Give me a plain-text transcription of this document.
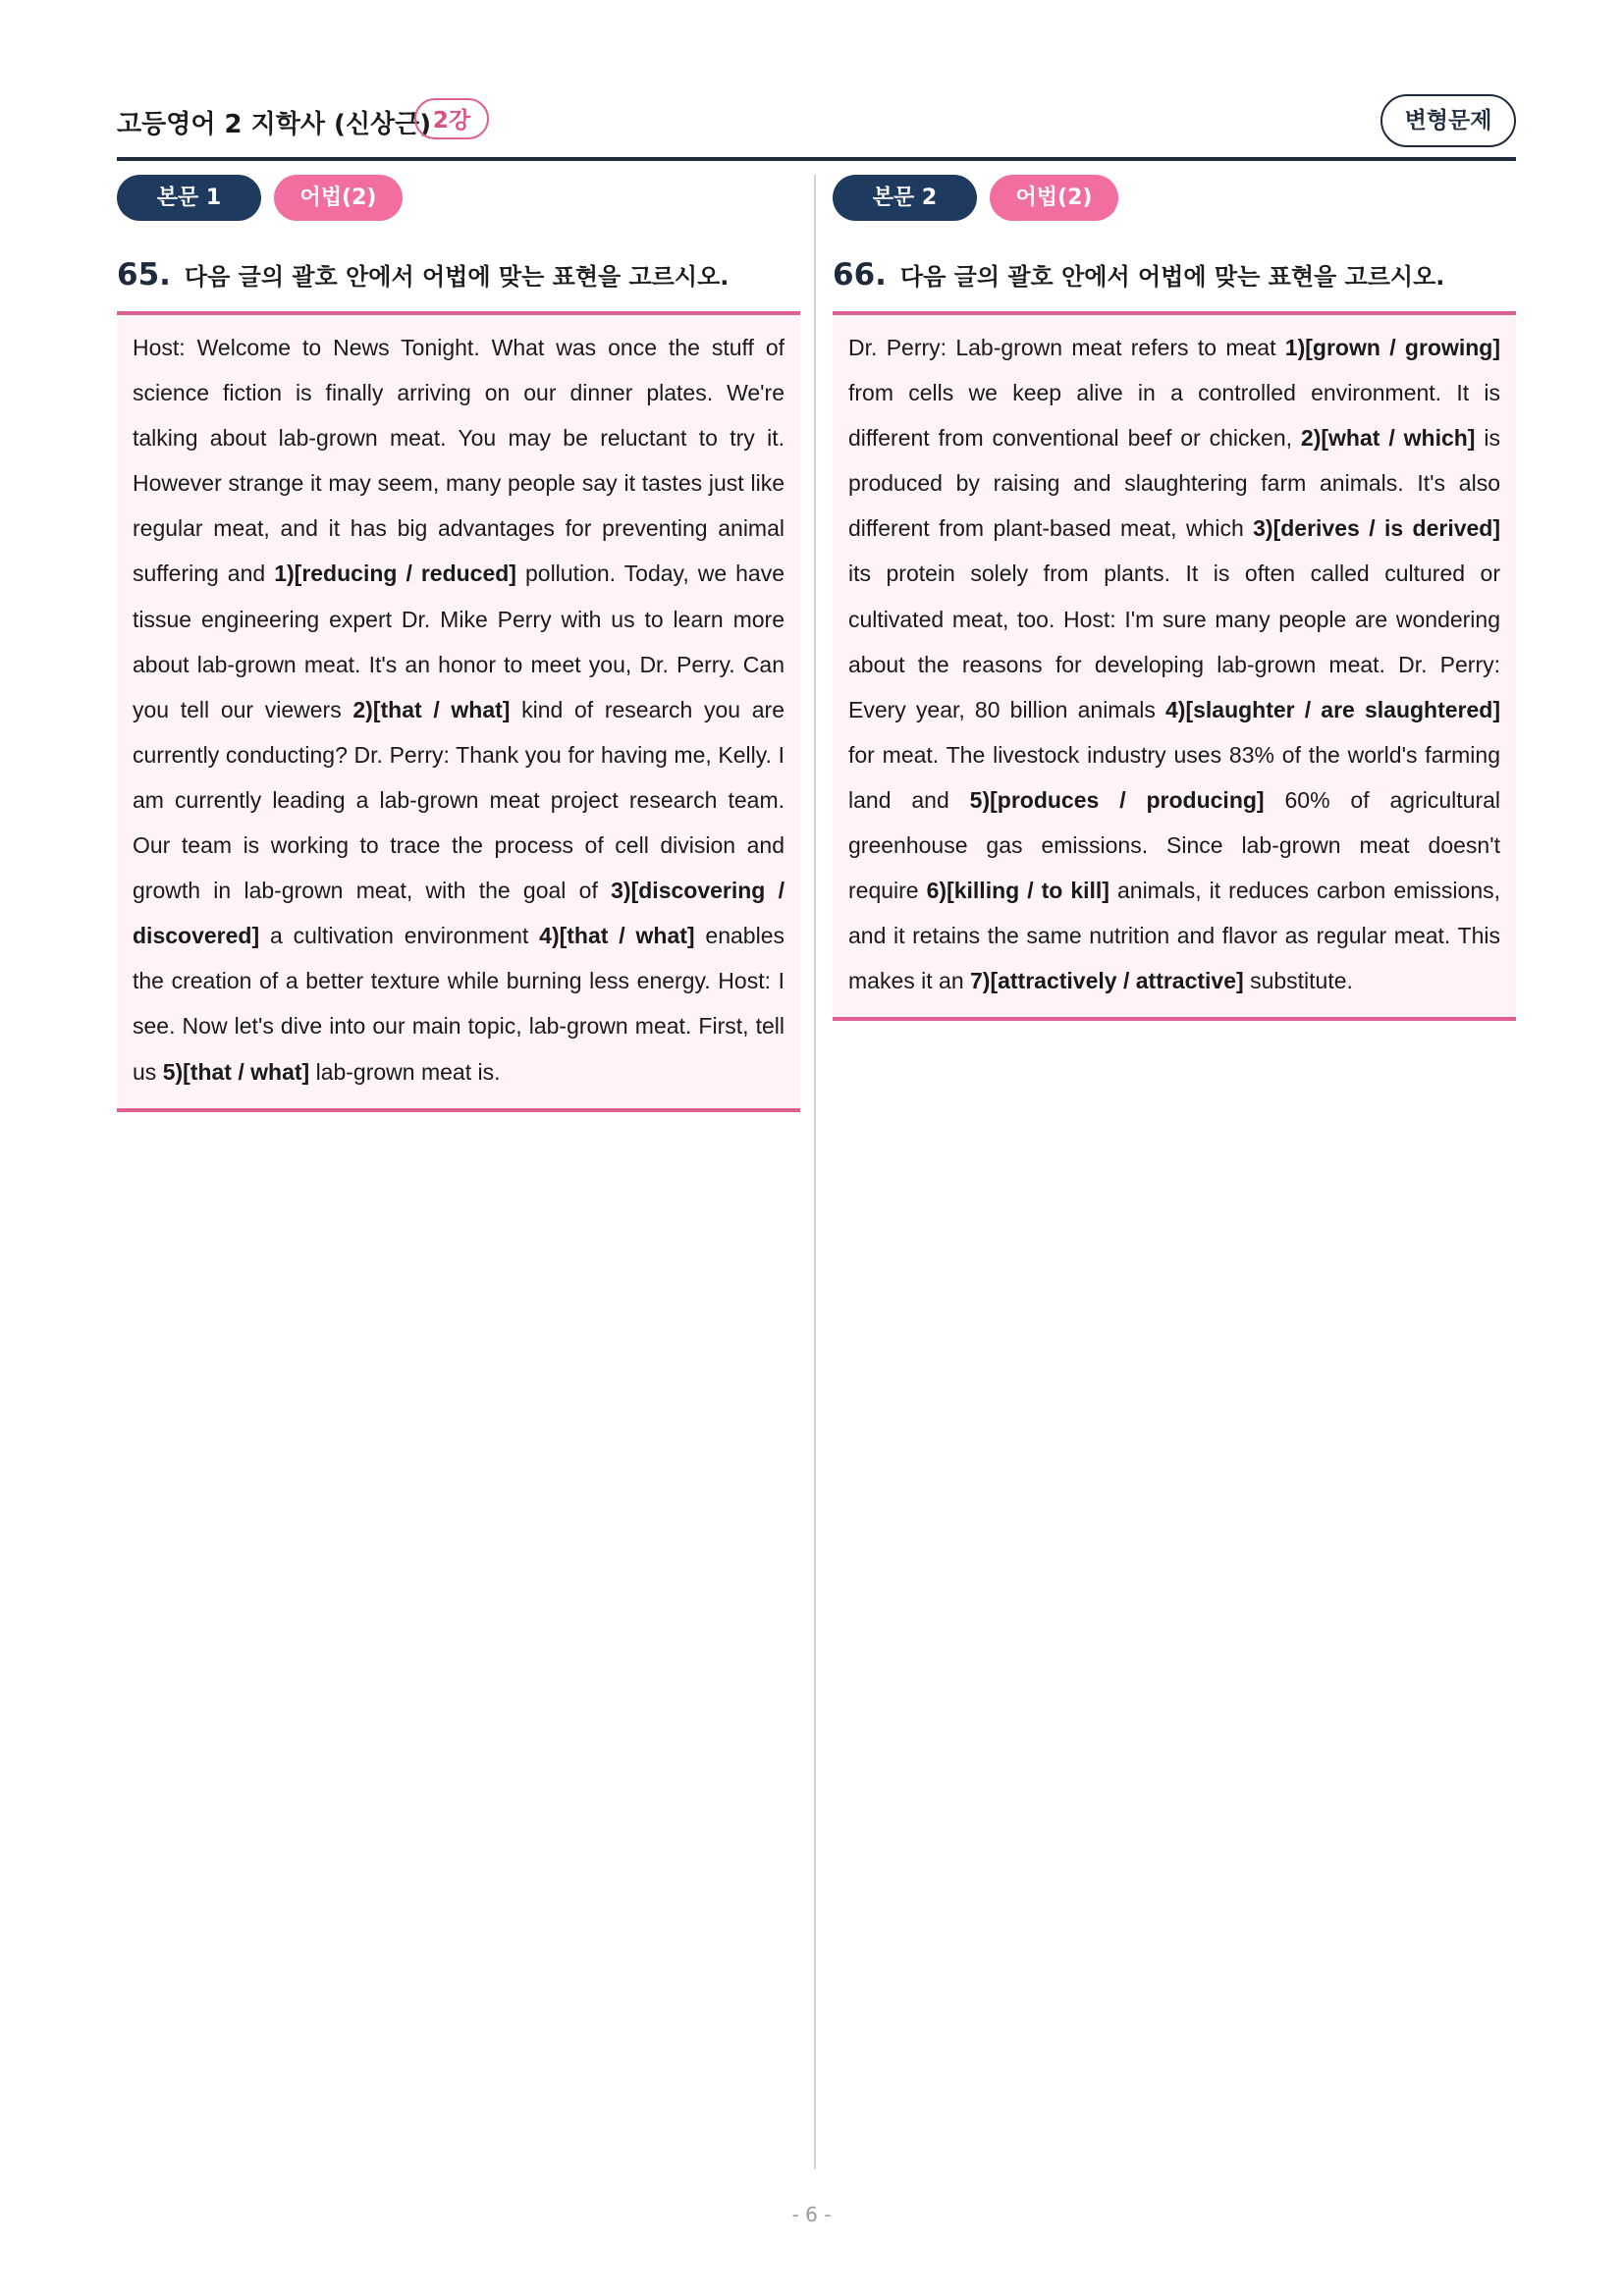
고등영어 2 지학사 (신상근) 2강	변형문제
본문 1	어법(2)
65. 다음 글의 괄호 안에서 어법에 맞는 표현을 고르시오.
Host: Welcome to News Tonight. What was once the stuff of science fiction is finally arriving on our dinner plates. We're talking about lab-grown meat. You may be reluctant to try it. However strange it may seem, many people say it tastes just like regular meat, and it has big advantages for preventing animal suffering and 1)[reducing / reduced] pollution. Today, we have tissue engineering expert Dr. Mike Perry with us to learn more about lab-grown meat. It's an honor to meet you, Dr. Perry. Can you tell our viewers 2)[that / what] kind of research you are currently conducting? Dr. Perry: Thank you for having me, Kelly. I am currently leading a lab-grown meat project research team. Our team is working to trace the process of cell division and growth in lab-grown meat, with the goal of 3)[discovering / discovered] a cultivation environment 4)[that / what] enables the creation of a better texture while burning less energy. Host: I see. Now let's dive into our main topic, lab-grown meat. First, tell us 5)[that / what] lab-grown meat is.
본문 2	어법(2)
66. 다음 글의 괄호 안에서 어법에 맞는 표현을 고르시오.
Dr. Perry: Lab-grown meat refers to meat 1)[grown / growing] from cells we keep alive in a controlled environment. It is different from conventional beef or chicken, 2)[what / which] is produced by raising and slaughtering farm animals. It's also different from plant-based meat, which 3)[derives / is derived] its protein solely from plants. It is often called cultured or cultivated meat, too. Host: I'm sure many people are wondering about the reasons for developing lab-grown meat. Dr. Perry: Every year, 80 billion animals 4)[slaughter / are slaughtered] for meat. The livestock industry uses 83% of the world's farming land and 5)[produces / producing] 60% of agricultural greenhouse gas emissions. Since lab-grown meat doesn't require 6)[killing / to kill] animals, it reduces carbon emissions, and it retains the same nutrition and flavor as regular meat. This makes it an 7)[attractively / attractive] substitute.
- 6 -
